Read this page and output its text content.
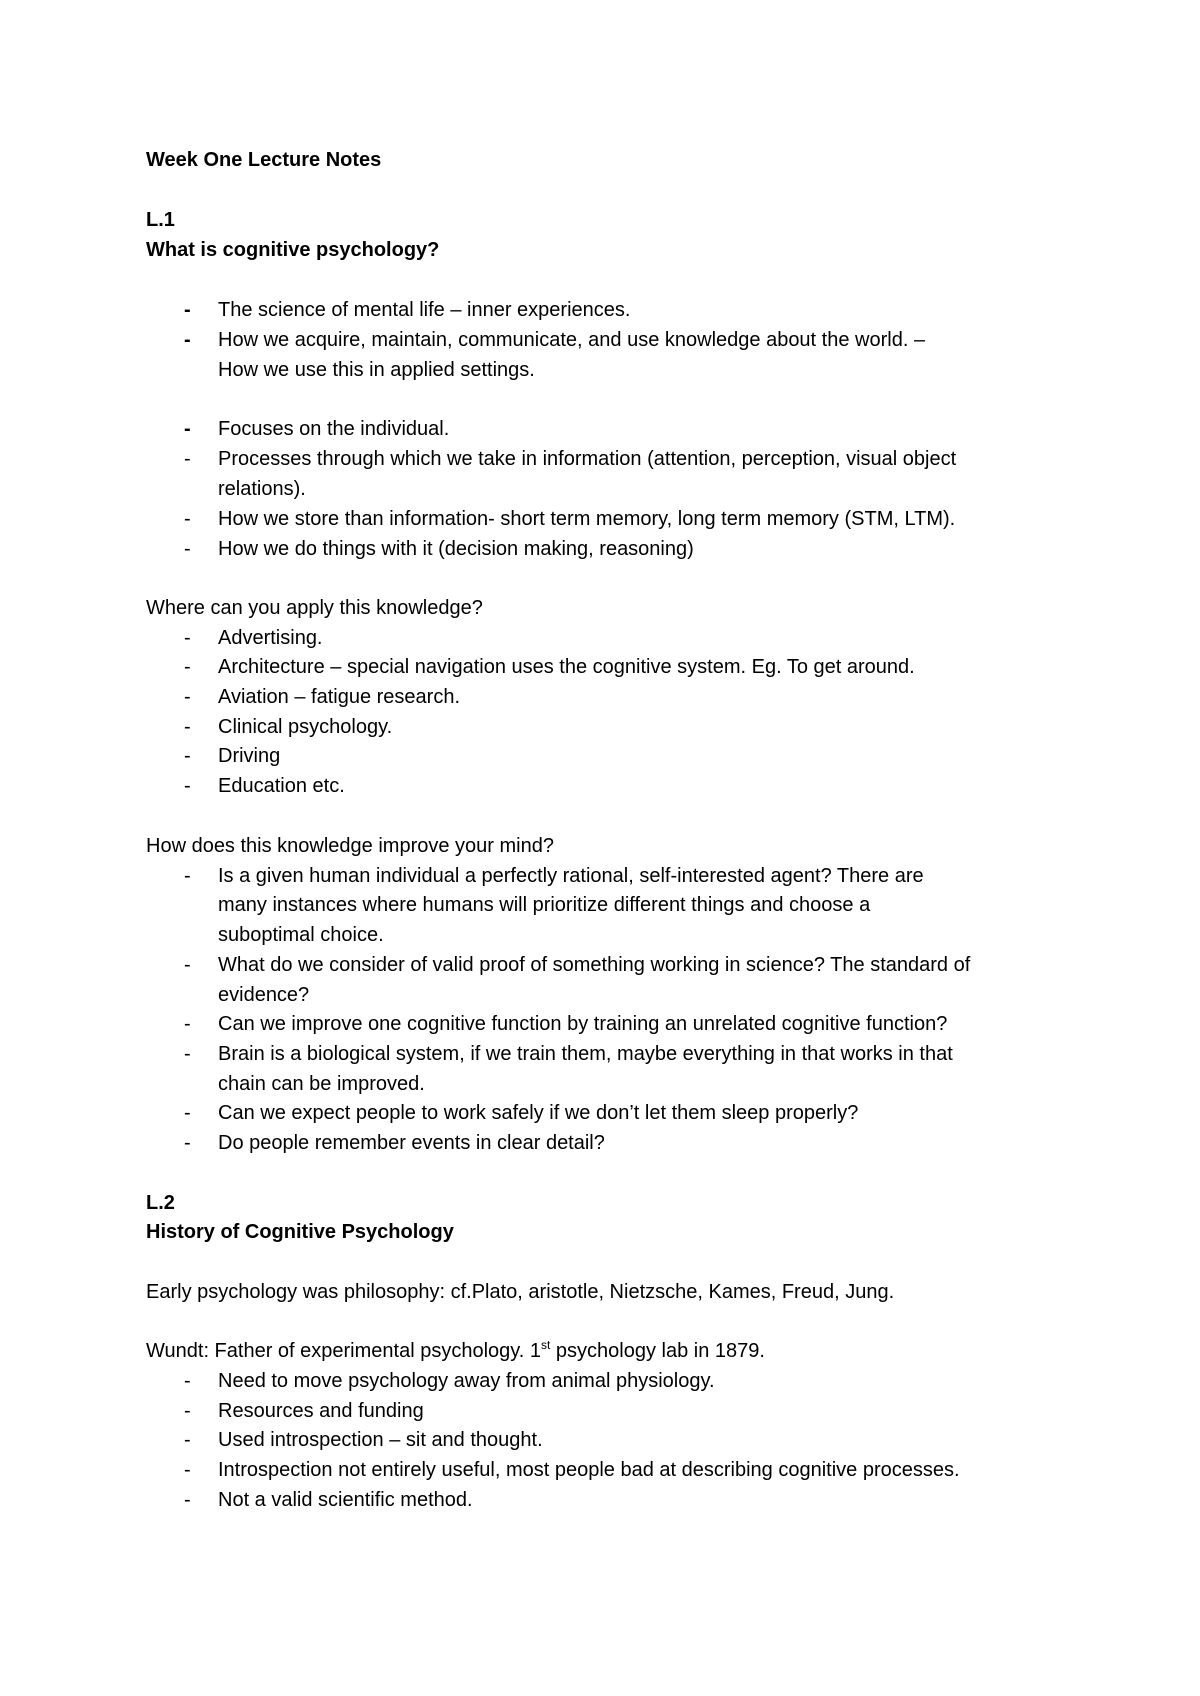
Week One Lecture Notes

L.1

What is cognitive psychology?

- The science of mental life – inner experiences.
- How we acquire, maintain, communicate, and use knowledge about the world. –

How we use this in applied settings.

- Focuses on the individual.
- Processes through which we take in information (attention, perception, visual object

relations).

- How we store than information- short term memory, long term memory (STM, LTM).
- How we do things with it (decision making, reasoning)

Where can you apply this knowledge?

- Advertising.
- Architecture – special navigation uses the cognitive system. Eg. To get around.
- Aviation – fatigue research.
- Clinical psychology.
- Driving
- Education etc.

How does this knowledge improve your mind?

- Is a given human individual a perfectly rational, self-interested agent? There are

many instances where humans will prioritize different things and choose a

suboptimal choice.

- What do we consider of valid proof of something working in science? The standard of

evidence?

- Can we improve one cognitive function by training an unrelated cognitive function?
- Brain is a biological system, if we train them, maybe everything in that works in that

chain can be improved.

- Can we expect people to work safely if we don’t let them sleep properly?
- Do people remember events in clear detail?

L.2

History of Cognitive Psychology

Early psychology was philosophy: cf.Plato, aristotle, Nietzsche, Kames, Freud, Jung.

Wundt: Father of experimental psychology. 1st psychology lab in 1879.

- Need to move psychology away from animal physiology.
- Resources and funding
- Used introspection – sit and thought.
- Introspection not entirely useful, most people bad at describing cognitive processes.
- Not a valid scientific method.
